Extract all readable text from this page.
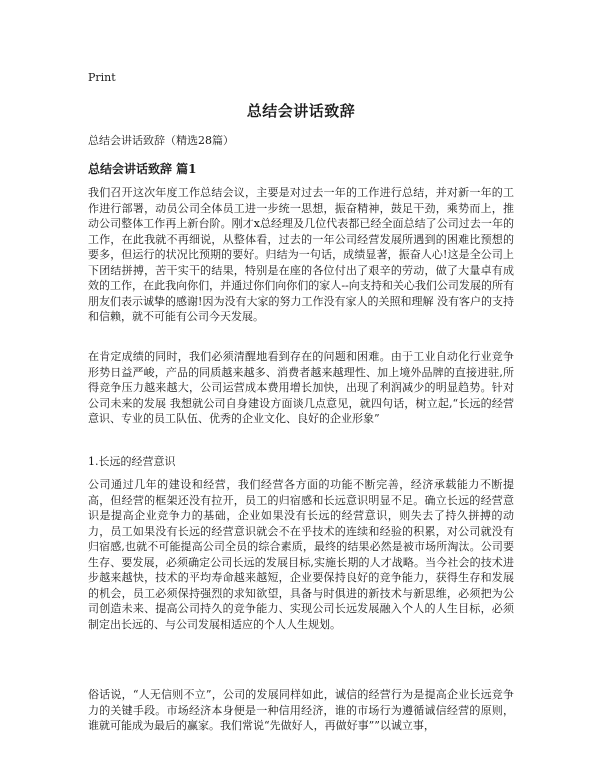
Print
总结会讲话致辞
总结会讲话致辞（精选28篇）
总结会讲话致辞 篇1

我们召开这次年度工作总结会议，主要是对过去一年的工作进行总结，并对新一年的工作进行部署，动员公司全体员工进一步统一思想，振奋精神，鼓足干劲，乘势而上，推动公司整体工作再上新台阶。刚才x总经理及几位代表都已经全面总结了公司过去一年的工作，在此我就不再细说，从整体看，过去的一年公司经营发展所遇到的困难比预想的要多，但运行的状况比预期的要好。归结为一句话，成绩显著，振奋人心!这是全公司上下团结拼搏，苦干实干的结果，特别是在座的各位付出了艰辛的劳动，做了大量卓有成效的工作，在此我向你们，并通过你们向你们的家人--向支持和关心我们公司发展的所有朋友们表示诚挚的感谢!因为没有大家的努力工作没有家人的关照和理解 没有客户的支持和信赖，就不可能有公司今天发展。

在肯定成绩的同时，我们必须清醒地看到存在的问题和困难。由于工业自动化行业竞争形势日益严峻，产品的同质越来越多、消费者越来越理性、加上境外品牌的直接进驻,所得竞争压力越来越大，公司运营成本费用增长加快，出现了利润减少的明显趋势。针对公司未来的发展 我想就公司自身建设方面谈几点意见，就四句话，树立起,“长远的经营意识、专业的员工队伍、优秀的企业文化、良好的企业形象”

1.长远的经营意识

公司通过几年的建设和经营，我们经营各方面的功能不断完善，经济承载能力不断提高，但经营的框架还没有拉开，员工的归宿感和长远意识明显不足。确立长远的经营意识是提高企业竞争力的基础，企业如果没有长远的经营意识，则失去了持久拼搏的动力，员工如果没有长远的经营意识就会不在乎技术的连续和经验的积累，对公司就没有归宿感,也就不可能提高公司全员的综合素质，最终的结果必然是被市场所淘汰。公司要生存、要发展，必须确定公司长远的发展目标,实施长期的人才战略。当今社会的技术进步越来越快，技术的平均寿命越来越短，企业要保持良好的竞争能力，获得生存和发展的机会，员工必须保持强烈的求知欲望，具备与时俱进的新技术与新思维，必须把为公司创造未来、提高公司持久的竞争能力、实现公司长远发展融入个人的人生目标，必须制定出长远的、与公司发展相适应的个人人生规划。

俗话说，“人无信则不立”，公司的发展同样如此，诚信的经营行为是提高企业长远竞争力的关键手段。市场经济本身便是一种信用经济，谁的市场行为遵循诚信经营的原则，谁就可能成为最后的赢家。我们常说“先做好人，再做好事””以诚立事，
